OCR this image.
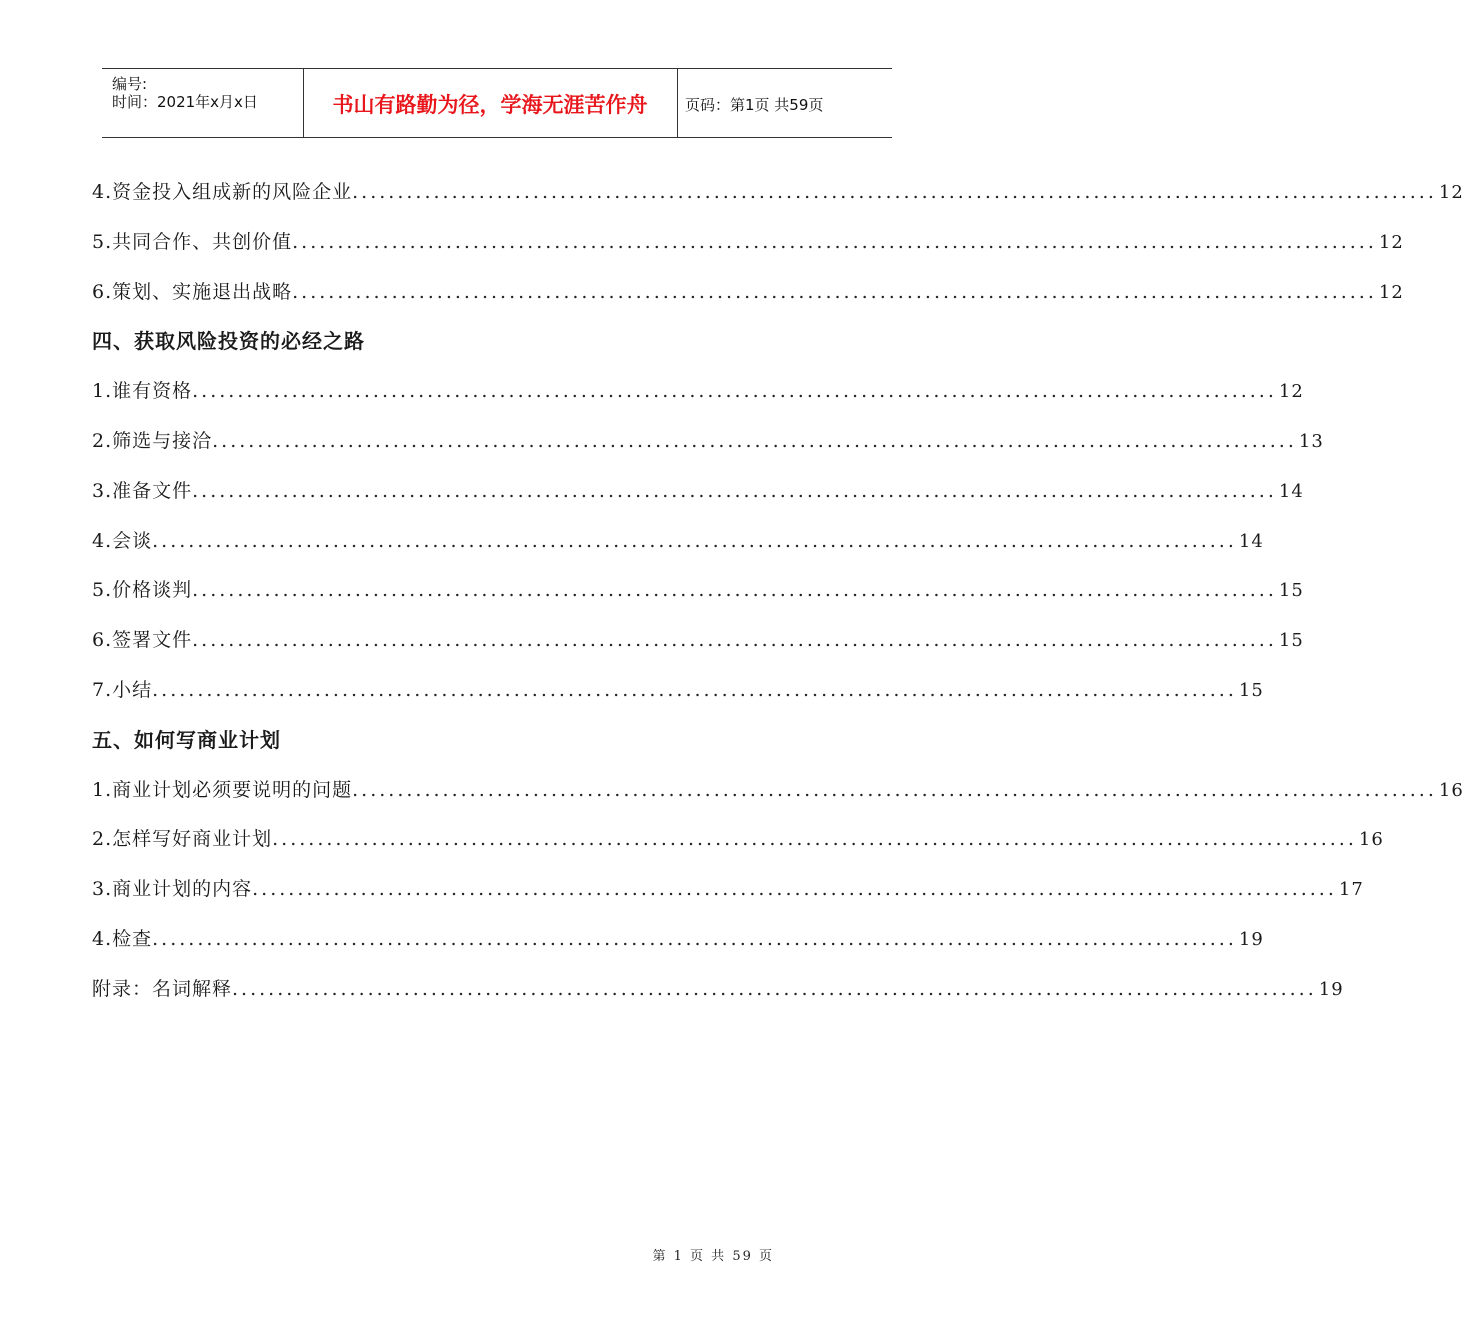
编号:
时间：2021年x月x日	书山有路勤为径，学海无涯苦作舟	页码：第1页 共59页
4.资金投入组成新的风险企业 ........................................................................................................................ 12
5.共同合作、共创价值 ........................................................................................................................ 12
6.策划、实施退出战略 ........................................................................................................................ 12
四、获取风险投资的必经之路
1.谁有资格 ........................................................................................................................ 12
2.筛选与接洽 ........................................................................................................................ 13
3.准备文件 ........................................................................................................................ 14
4.会谈 ........................................................................................................................ 14
5.价格谈判 ........................................................................................................................ 15
6.签署文件 ........................................................................................................................ 15
7.小结 ........................................................................................................................ 15
五、如何写商业计划
1.商业计划必须要说明的问题 ........................................................................................................................ 16
2.怎样写好商业计划 ........................................................................................................................ 16
3.商业计划的内容 ........................................................................................................................ 17
4.检查 ........................................................................................................................ 19
附录：名词解释 ........................................................................................................................ 19
第 1 页 共 59 页
